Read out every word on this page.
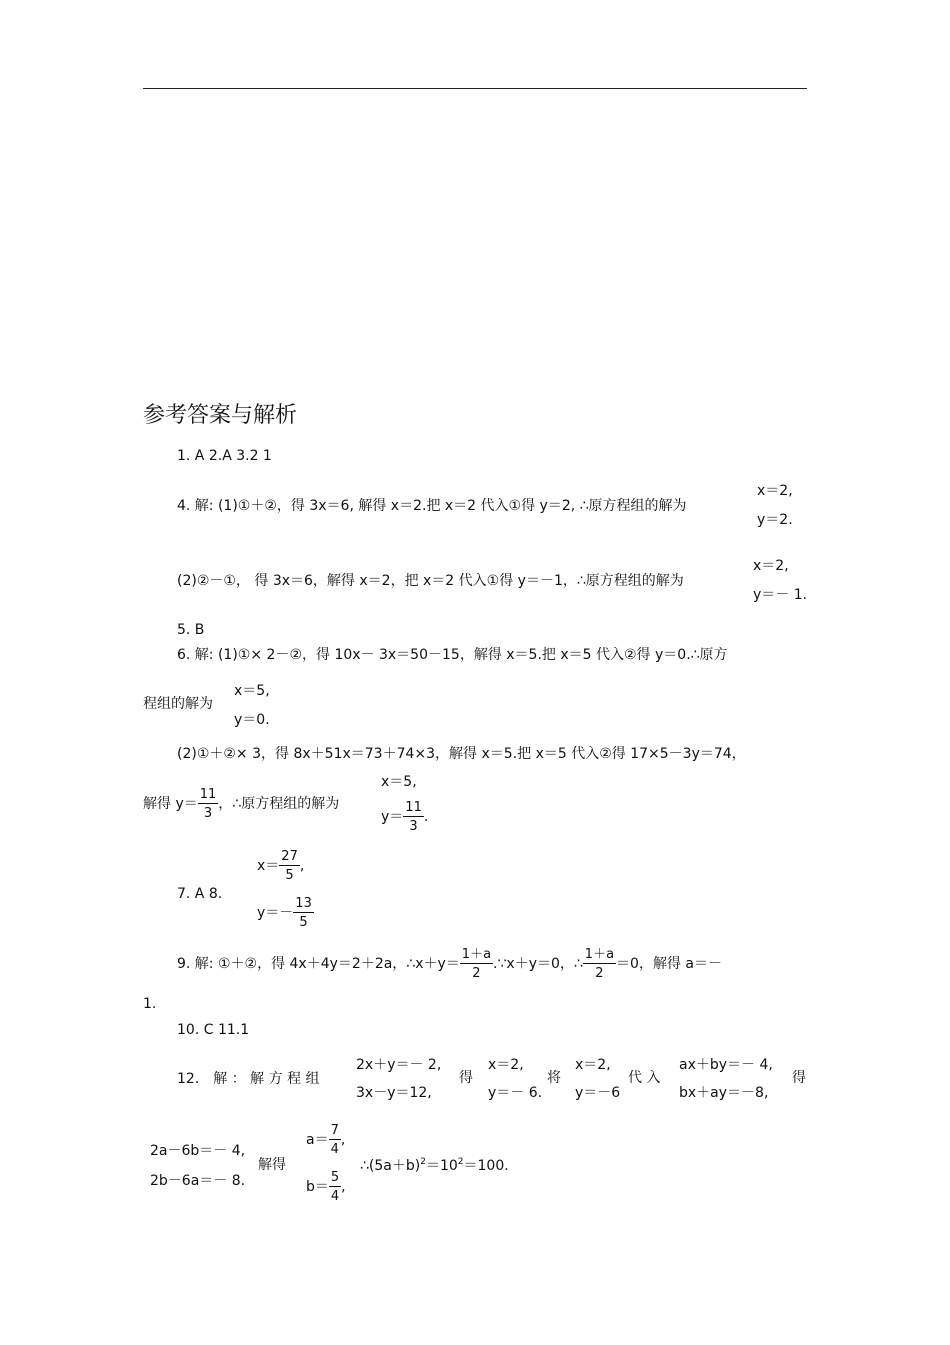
参考答案与解析
1. A 2.A 3.2 1
4. 解: (1)①＋②，得 3x＝6, 解得 x＝2.把 x＝2 代入①得 y＝2, ∴原方程组的解为
x＝2,
y＝2.
(2)②－①， 得 3x＝6，解得 x＝2，把 x＝2 代入①得 y＝－1，∴原方程组的解为
x＝2,
y＝－ 1.
5. B
6. 解: (1)①× 2－②，得 10x－ 3x＝50－15，解得 x＝5.把 x＝5 代入②得 y＝0.∴原方
程组的解为
x＝5,
y＝0.
(2)①＋②× 3，得 8x＋51x＝73＋74×3，解得 x＝5.把 x＝5 代入②得 17×5－3y＝74，
解得 $y= \frac{11}{3}$ ，∴原方程组的解为
x＝5,
$y= \frac{11}{3}$ .
7. A 8.
$x= \frac{27}{5}$ ,
$y=- \frac{13}{5}$
9. 解: ①＋②，得 4x＋4y＝2＋2a，∴x＋y＝ $\frac{1+a}{2}$ .∵x＋y＝0，∴ $\frac{1+a}{2} =0$，解得 a＝－
1.
10. C 11.1
12． 解 ： 解 方 程 组
2x＋y＝－ 2,
3x－y＝12,
得
x＝2,
y＝－ 6.
将
x＝2,
y＝－6
代 入
ax＋by＝－ 4,
bx＋ay＝－8,
得
2a－6b＝－ 4,
2b－6a＝－ 8.
解得
$a= \frac{7}{4}$ ,
$b= \frac{5}{4}$ ,
$\therefore(5a+b)^2=10^2=100$.
